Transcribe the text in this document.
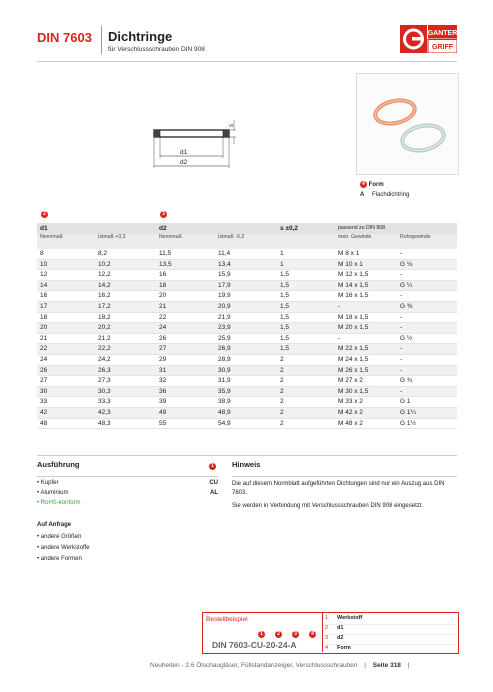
DIN 7603 Dichtringe
für Verschlussschrauben DIN 908
GANTER
GRIFF
s
d1
d2
4 Form
A Flachdichtring
2	3
d1		d2		s ±0,2	passend zu DIN 908	
Nennmaß	Istmaß +0,3	Nennmaß	Istmaß -0,2		metr. Gewinde	Rohrgewinde
8	8,2	11,5	11,4	1	M 8 x 1	-
10	10,2	13,5	13,4	1	M 10 x 1	G ⅛
12	12,2	16	15,9	1,5	M 12 x 1,5	-
14	14,2	18	17,9	1,5	M 14 x 1,5	G ¼
16	16,2	20	19,9	1,5	M 16 x 1,5	-
17	17,2	21	20,9	1,5	-	G ⅜
18	18,2	22	21,9	1,5	M 18 x 1,5	-
20	20,2	24	23,9	1,5	M 20 x 1,5	-
21	21,2	26	25,9	1,5	-	G ½
22	22,2	27	26,9	1,5	M 22 x 1,5	-
24	24,2	29	28,9	2	M 24 x 1,5	-
26	26,3	31	30,9	2	M 26 x 1,5	-
27	27,3	32	31,9	2	M 27 x 2	G ¾
30	30,3	36	35,9	2	M 30 x 1,5	-
33	33,3	39	38,9	2	M 33 x 2	G 1
42	42,3	49	48,9	2	M 42 x 2	G 1¼
48	48,3	55	54,9	2	M 48 x 2	G 1½
Ausführung	1
• Kupfer	CU
• Aluminium	AL
• RoHS-konform
Auf Anfrage
• andere Größen
• andere Werkstoffe
• andere Formen
Hinweis
Die auf diesem Normblatt aufgeführten Dichtungen sind nur ein Auszug aus DIN 7603.
Sie werden in Verbindung mit Verschlussschrauben DIN 908 eingesetzt.
Bestellbeispiel
1	2	3	4
DIN 7603-CU-20-24-A
1 Werkstoff
2 d1
3 d2
4 Form
Neuheiten - 2.6 Ölschaugläser, Füllstandanzeiger, Verschlussschrauben | Seite 318 |
